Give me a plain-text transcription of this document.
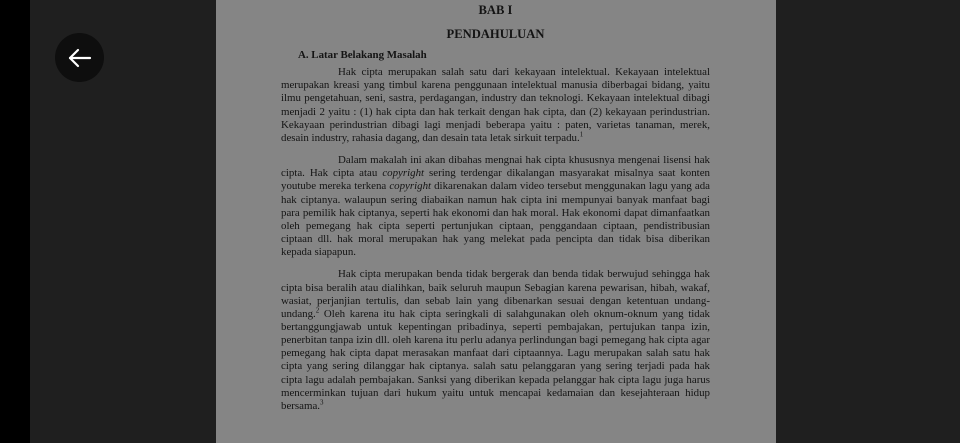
BAB I
PENDAHULUAN
A. Latar Belakang Masalah

Hak cipta merupakan salah satu dari kekayaan intelektual. Kekayaan intelektual merupakan kreasi yang timbul karena penggunaan intelektual manusia diberbagai bidang, yaitu ilmu pengetahuan, seni, sastra, perdagangan, industry dan teknologi. Kekayaan intelektual dibagi menjadi 2 yaitu : (1) hak cipta dan hak terkait dengan hak cipta, dan (2) kekayaan perindustrian. Kekayaan perindustrian dibagi lagi menjadi beberapa yaitu : paten, varietas tanaman, merek, desain industry, rahasia dagang, dan desain tata letak sirkuit terpadu.$^1$

Dalam makalah ini akan dibahas mengnai hak cipta khususnya mengenai lisensi hak cipta. Hak cipta atau copyright sering terdengar dikalangan masyarakat misalnya saat konten youtube mereka terkena copyright dikarenakan dalam video tersebut menggunakan lagu yang ada hak ciptanya. walaupun sering diabaikan namun hak cipta ini mempunyai banyak manfaat bagi para pemilik hak ciptanya, seperti hak ekonomi dan hak moral. Hak ekonomi dapat dimanfaatkan oleh pemegang hak cipta seperti pertunjukan ciptaan, penggandaan ciptaan, pendistribusian ciptaan dll. hak moral merupakan hak yang melekat pada pencipta dan tidak bisa diberikan kepada siapapun.

Hak cipta merupakan benda tidak bergerak dan benda tidak berwujud sehingga hak cipta bisa beralih atau dialihkan, baik seluruh maupun Sebagian karena pewarisan, hibah, wakaf, wasiat, perjanjian tertulis, dan sebab lain yang dibenarkan sesuai dengan ketentuan undang-undang.$^2$ Oleh karena itu hak cipta seringkali di salahgunakan oleh oknum-oknum yang tidak bertanggungjawab untuk kepentingan pribadinya, seperti pembajakan, pertujukan tanpa izin, penerbitan tanpa izin dll. oleh karena itu perlu adanya perlindungan bagi pemegang hak cipta agar pemegang hak cipta dapat merasakan manfaat dari ciptaannya. Lagu merupakan salah satu hak cipta yang sering dilanggar hak ciptanya. salah satu pelanggaran yang sering terjadi pada hak cipta lagu adalah pembajakan. Sanksi yang diberikan kepada pelanggar hak cipta lagu juga harus mencerminkan tujuan dari hukum yaitu untuk mencapai kedamaian dan kesejahteraan hidup bersama.$^3$
